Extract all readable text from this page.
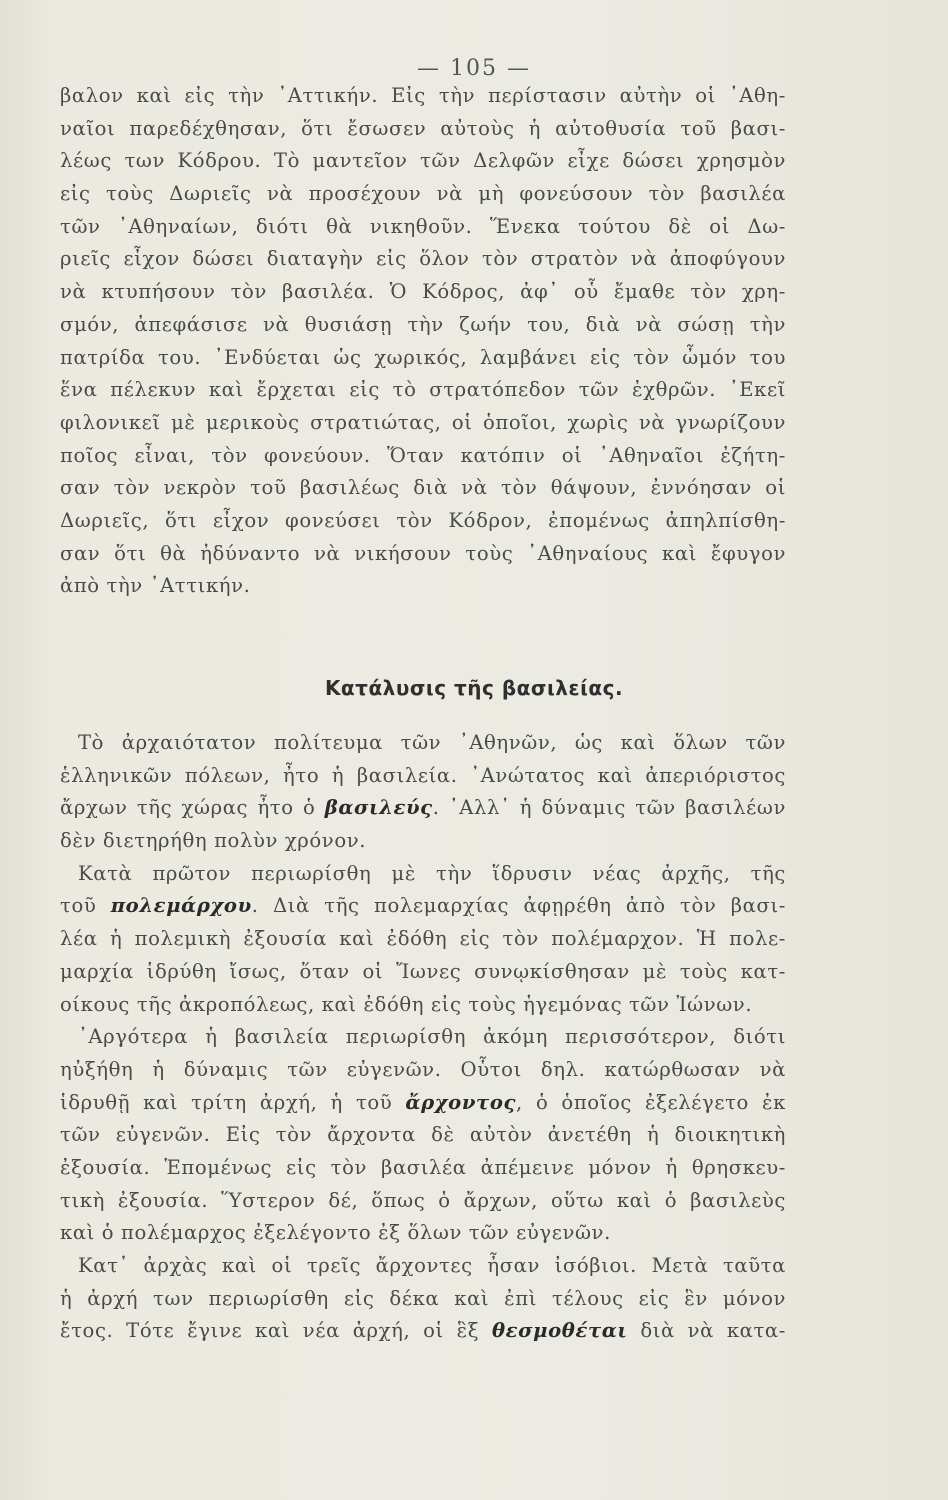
— 105 —
βαλον καὶ εἰς τὴν ᾿Αττικήν. Εἰς τὴν περίστασιν αὐτὴν οἱ ᾿Αθη-
ναῖοι παρεδέχθησαν, ὅτι ἔσωσεν αὐτοὺς ἡ αὐτοθυσία τοῦ βασι-
λέως των Κόδρου. Τὸ μαντεῖον τῶν Δελφῶν εἶχε δώσει χρησμὸν
εἰς τοὺς Δωριεῖς νὰ προσέχουν νὰ μὴ φονεύσουν τὸν βασιλέα
τῶν ᾿Αθηναίων, διότι θὰ νικηθοῦν. Ἕνεκα τούτου δὲ οἱ Δω-
ριεῖς εἶχον δώσει διαταγὴν εἰς ὅλον τὸν στρατὸν νὰ ἀποφύγουν
νὰ κτυπήσουν τὸν βασιλέα. Ὁ Κόδρος, ἀφ᾿ οὗ ἔμαθε τὸν χρη-
σμόν, ἀπεφάσισε νὰ θυσιάσῃ τὴν ζωήν του, διὰ νὰ σώσῃ τὴν
πατρίδα του. ᾿Ενδύεται ὡς χωρικός, λαμβάνει εἰς τὸν ὦμόν του
ἕνα πέλεκυν καὶ ἔρχεται εἰς τὸ στρατόπεδον τῶν ἐχθρῶν. ᾿Εκεῖ
φιλονικεῖ μὲ μερικοὺς στρατιώτας, οἱ ὁποῖοι, χωρὶς νὰ γνωρίζουν
ποῖος εἶναι, τὸν φονεύουν. Ὅταν κατόπιν οἱ ᾿Αθηναῖοι ἐζήτη-
σαν τὸν νεκρὸν τοῦ βασιλέως διὰ νὰ τὸν θάψουν, ἐννόησαν οἱ
Δωριεῖς, ὅτι εἶχον φονεύσει τὸν Κόδρον, ἐπομένως ἀπηλπίσθη-
σαν ὅτι θὰ ἠδύναντο νὰ νικήσουν τοὺς ᾿Αθηναίους καὶ ἔφυγον
ἀπὸ τὴν ᾿Αττικήν.
Κατάλυσις τῆς βασιλείας.
Τὸ ἀρχαιότατον πολίτευμα τῶν ᾿Αθηνῶν, ὡς καὶ ὅλων τῶν
ἑλληνικῶν πόλεων, ἦτο ἡ βασιλεία. ᾿Ανώτατος καὶ ἀπεριόριστος
ἄρχων τῆς χώρας ἦτο ὁ βασιλεύς. ᾿Αλλ᾿ ἡ δύναμις τῶν βασιλέων
δὲν διετηρήθη πολὺν χρόνον.
Κατὰ πρῶτον περιωρίσθη μὲ τὴν ἵδρυσιν νέας ἀρχῆς, τῆς
τοῦ πολεμάρχου. Διὰ τῆς πολεμαρχίας ἀφῃρέθη ἀπὸ τὸν βασι-
λέα ἡ πολεμικὴ ἐξουσία καὶ ἐδόθη εἰς τὸν πολέμαρχον. Ἡ πολε-
μαρχία ἱδρύθη ἴσως, ὅταν οἱ Ἴωνες συνῳκίσθησαν μὲ τοὺς κατ-
οίκους τῆς ἀκροπόλεως, καὶ ἐδόθη εἰς τοὺς ἡγεμόνας τῶν Ἰώνων.
᾿Αργότερα ἡ βασιλεία περιωρίσθη ἀκόμη περισσότερον, διότι
ηὐξήθη ἡ δύναμις τῶν εὐγενῶν. Οὗτοι δηλ. κατώρθωσαν νὰ
ἱδρυθῇ καὶ τρίτη ἀρχή, ἡ τοῦ ἄρχοντος, ὁ ὁποῖος ἐξελέγετο ἐκ
τῶν εὐγενῶν. Εἰς τὸν ἄρχοντα δὲ αὐτὸν ἀνετέθη ἡ διοικητικὴ
ἐξουσία. Ἑπομένως εἰς τὸν βασιλέα ἀπέμεινε μόνον ἡ θρησκευ-
τικὴ ἐξουσία. Ὕστερον δέ, ὅπως ὁ ἄρχων, οὕτω καὶ ὁ βασιλεὺς
καὶ ὁ πολέμαρχος ἐξελέγοντο ἐξ ὅλων τῶν εὐγενῶν.
Κατ᾿ ἀρχὰς καὶ οἱ τρεῖς ἄρχοντες ἦσαν ἰσόβιοι. Μετὰ ταῦτα
ἡ ἀρχή των περιωρίσθη εἰς δέκα καὶ ἐπὶ τέλους εἰς ἓν μόνον
ἔτος. Τότε ἔγινε καὶ νέα ἀρχή, οἱ ἓξ θεσμοθέται διὰ νὰ κατα-
